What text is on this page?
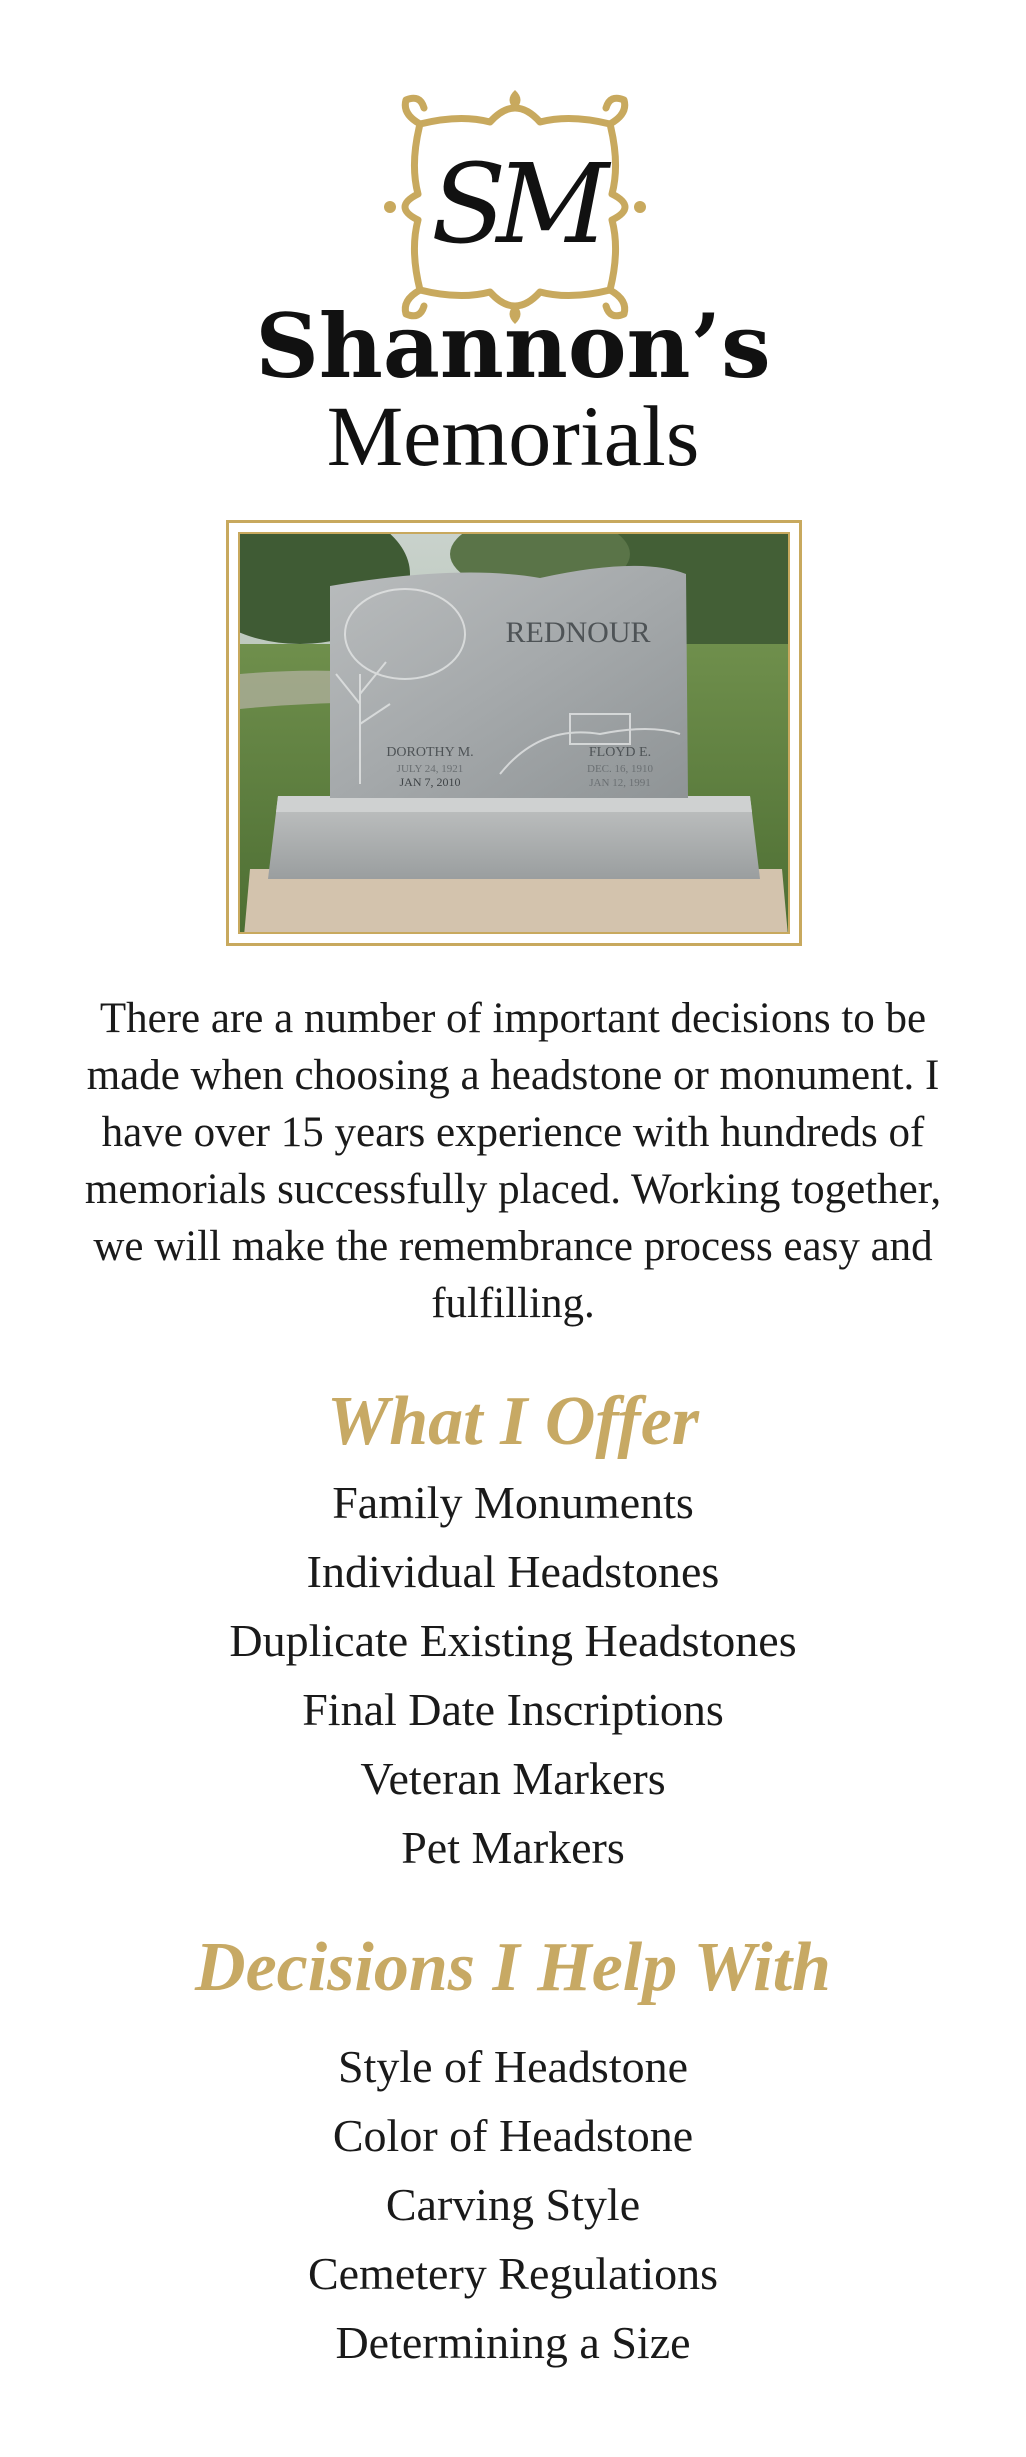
SM
Shannon’s
Memorials
REDNOUR
DOROTHY M.
JULY 24, 1921
JAN 7, 2010
FLOYD E.
DEC. 16, 1910
JAN 12, 1991

There are a number of important decisions to be made when choosing a headstone or monument. I have over 15 years experience with hundreds of memorials successfully placed. Working together, we will make the remembrance process easy and fulfilling.

What I Offer
Family Monuments
Individual Headstones
Duplicate Existing Headstones
Final Date Inscriptions
Veteran Markers
Pet Markers
Decisions I Help With
Style of Headstone
Color of Headstone
Carving Style
Cemetery Regulations
Determining a Size
